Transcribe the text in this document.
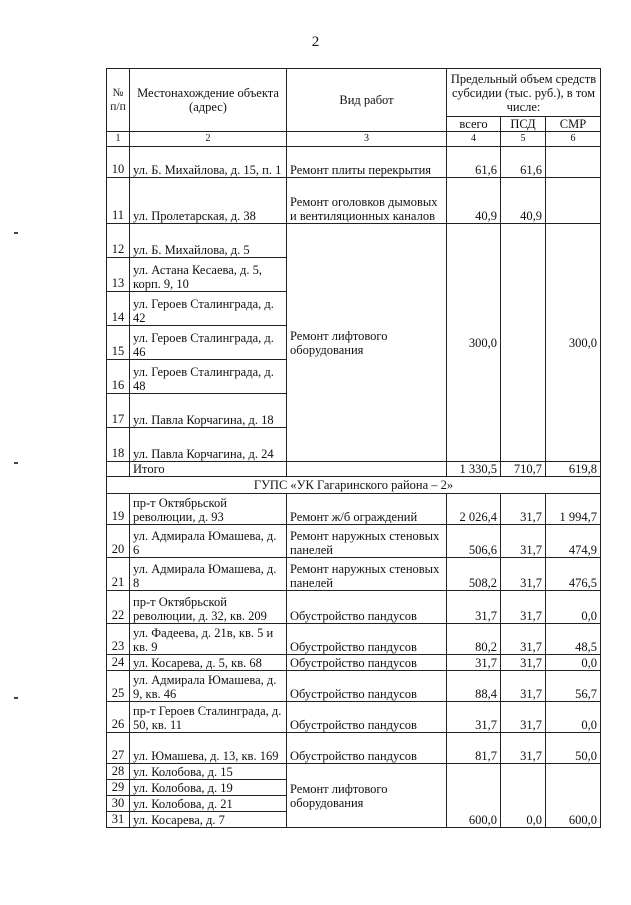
2
№
п/п	Местонахождение объекта (адрес)	Вид работ	Предельный объем средств субсидии (тыс. руб.), в том числе:		
			всего	ПСД	СМР
1	2	3	4	5	6
10	ул. Б. Михайлова, д. 15, п. 1	Ремонт плиты перекрытия	61,6	61,6	
11	ул. Пролетарская, д. 38	Ремонт оголовков дымовых и вентиляционных каналов	40,9	40,9	
12	ул. Б. Михайлова, д. 5	Ремонт лифтового оборудования	300,0		300,0
13	ул. Астана Кесаева, д. 5, корп. 9, 10				
14	ул. Героев Сталинграда, д. 42				
15	ул. Героев Сталинграда, д. 46				
16	ул. Героев Сталинграда, д. 48				
17	ул. Павла Корчагина, д. 18				
18	ул. Павла Корчагина, д. 24				
	Итого		1 330,5	710,7	619,8
ГУПС «УК Гагаринского района – 2»					
19	пр-т Октябрьской революции, д. 93	Ремонт ж/б ограждений	2 026,4	31,7	1 994,7
20	ул. Адмирала Юмашева, д. 6	Ремонт наружных стеновых панелей	506,6	31,7	474,9
21	ул. Адмирала Юмашева, д. 8	Ремонт наружных стеновых панелей	508,2	31,7	476,5
22	пр-т Октябрьской революции, д. 32, кв. 209	Обустройство пандусов	31,7	31,7	0,0
23	ул. Фадеева, д. 21в, кв. 5 и кв. 9	Обустройство пандусов	80,2	31,7	48,5
24	ул. Косарева, д. 5, кв. 68	Обустройство пандусов	31,7	31,7	0,0
25	ул. Адмирала Юмашева, д. 9, кв. 46	Обустройство пандусов	88,4	31,7	56,7
26	пр-т Героев Сталинграда, д. 50, кв. 11	Обустройство пандусов	31,7	31,7	0,0
27	ул. Юмашева, д. 13, кв. 169	Обустройство пандусов	81,7	31,7	50,0
28	ул. Колобова, д. 15	Ремонт лифтового оборудования	600,0	0,0	600,0
29	ул. Колобова, д. 19				
30	ул. Колобова, д. 21				
31	ул. Косарева, д. 7				
